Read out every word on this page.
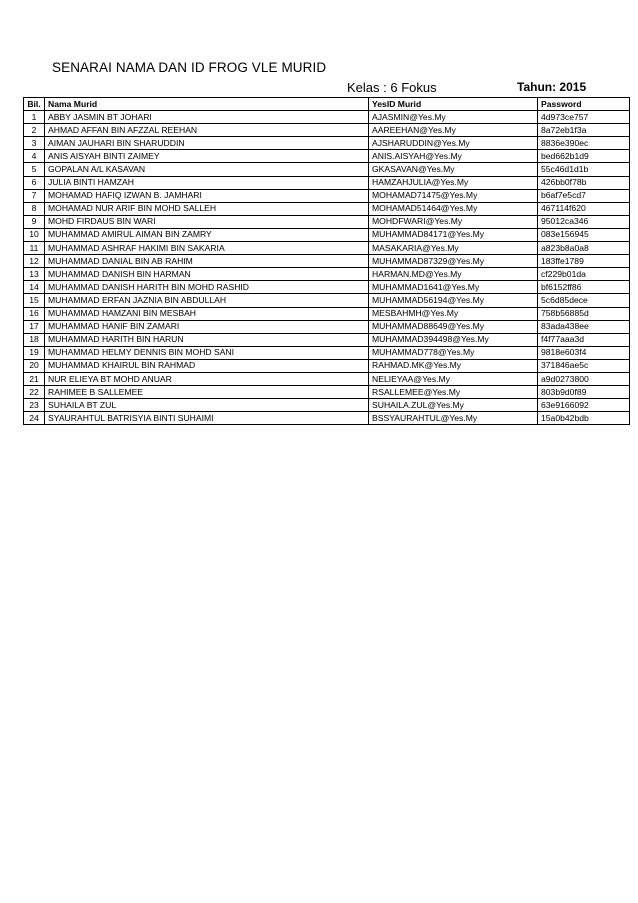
SENARAI NAMA DAN ID FROG VLE MURID
Kelas : 6 Fokus	Tahun: 2015
Bil.	Nama Murid	YesID Murid	Password
1	ABBY JASMIN BT JOHARI	AJASMIN@Yes.My	4d973ce757
2	AHMAD AFFAN BIN AFZZAL REEHAN	AAREEHAN@Yes.My	8a72eb1f3a
3	AIMAN JAUHARI BIN SHARUDDIN	AJSHARUDDIN@Yes.My	8836e390ec
4	ANIS AISYAH BINTI ZAIMEY	ANIS.AISYAH@Yes.My	bed662b1d9
5	GOPALAN A/L KASAVAN	GKASAVAN@Yes.My	55c46d1d1b
6	JULIA BINTI HAMZAH	HAMZAHJULIA@Yes.My	426bb0f78b
7	MOHAMAD HAFIQ IZWAN B. JAMHARI	MOHAMAD71475@Yes.My	b6af7e5cd7
8	MOHAMAD NUR ARIF BIN MOHD SALLEH	MOHAMAD51464@Yes.My	467114f620
9	MOHD FIRDAUS BIN WARI	MOHDFWARI@Yes.My	95012ca346
10	MUHAMMAD AMIRUL AIMAN BIN ZAMRY	MUHAMMAD84171@Yes.My	083e156945
11	MUHAMMAD ASHRAF HAKIMI BIN SAKARIA	MASAKARIA@Yes.My	a823b8a0a8
12	MUHAMMAD DANIAL BIN AB RAHIM	MUHAMMAD87329@Yes.My	183ffe1789
13	MUHAMMAD DANISH BIN HARMAN	HARMAN.MD@Yes.My	cf229b01da
14	MUHAMMAD DANISH HARITH BIN MOHD RASHID	MUHAMMAD1641@Yes.My	bf6152ff86
15	MUHAMMAD ERFAN JAZNIA BIN ABDULLAH	MUHAMMAD56194@Yes.My	5c6d85dece
16	MUHAMMAD HAMZANI BIN MESBAH	MESBAHMH@Yes.My	758b56885d
17	MUHAMMAD HANIF BIN ZAMARI	MUHAMMAD88649@Yes.My	83ada438ee
18	MUHAMMAD HARITH BIN HARUN	MUHAMMAD394498@Yes.My	f4f77aaa3d
19	MUHAMMAD HELMY DENNIS BIN MOHD SANI	MUHAMMAD778@Yes.My	9818e603f4
20	MUHAMMAD KHAIRUL BIN RAHMAD	RAHMAD.MK@Yes.My	371846ae5c
21	NUR ELIEYA BT MOHD ANUAR	NELIEYAA@Yes.My	a9d0273800
22	RAHIMEE B SALLEMEE	RSALLEMEE@Yes.My	803b9d0f89
23	SUHAILA BT ZUL	SUHAILA.ZUL@Yes.My	63e9166092
24	SYAURAHTUL BATRISYIA BINTI SUHAIMI	BSSYAURAHTUL@Yes.My	15a0b42bdb
